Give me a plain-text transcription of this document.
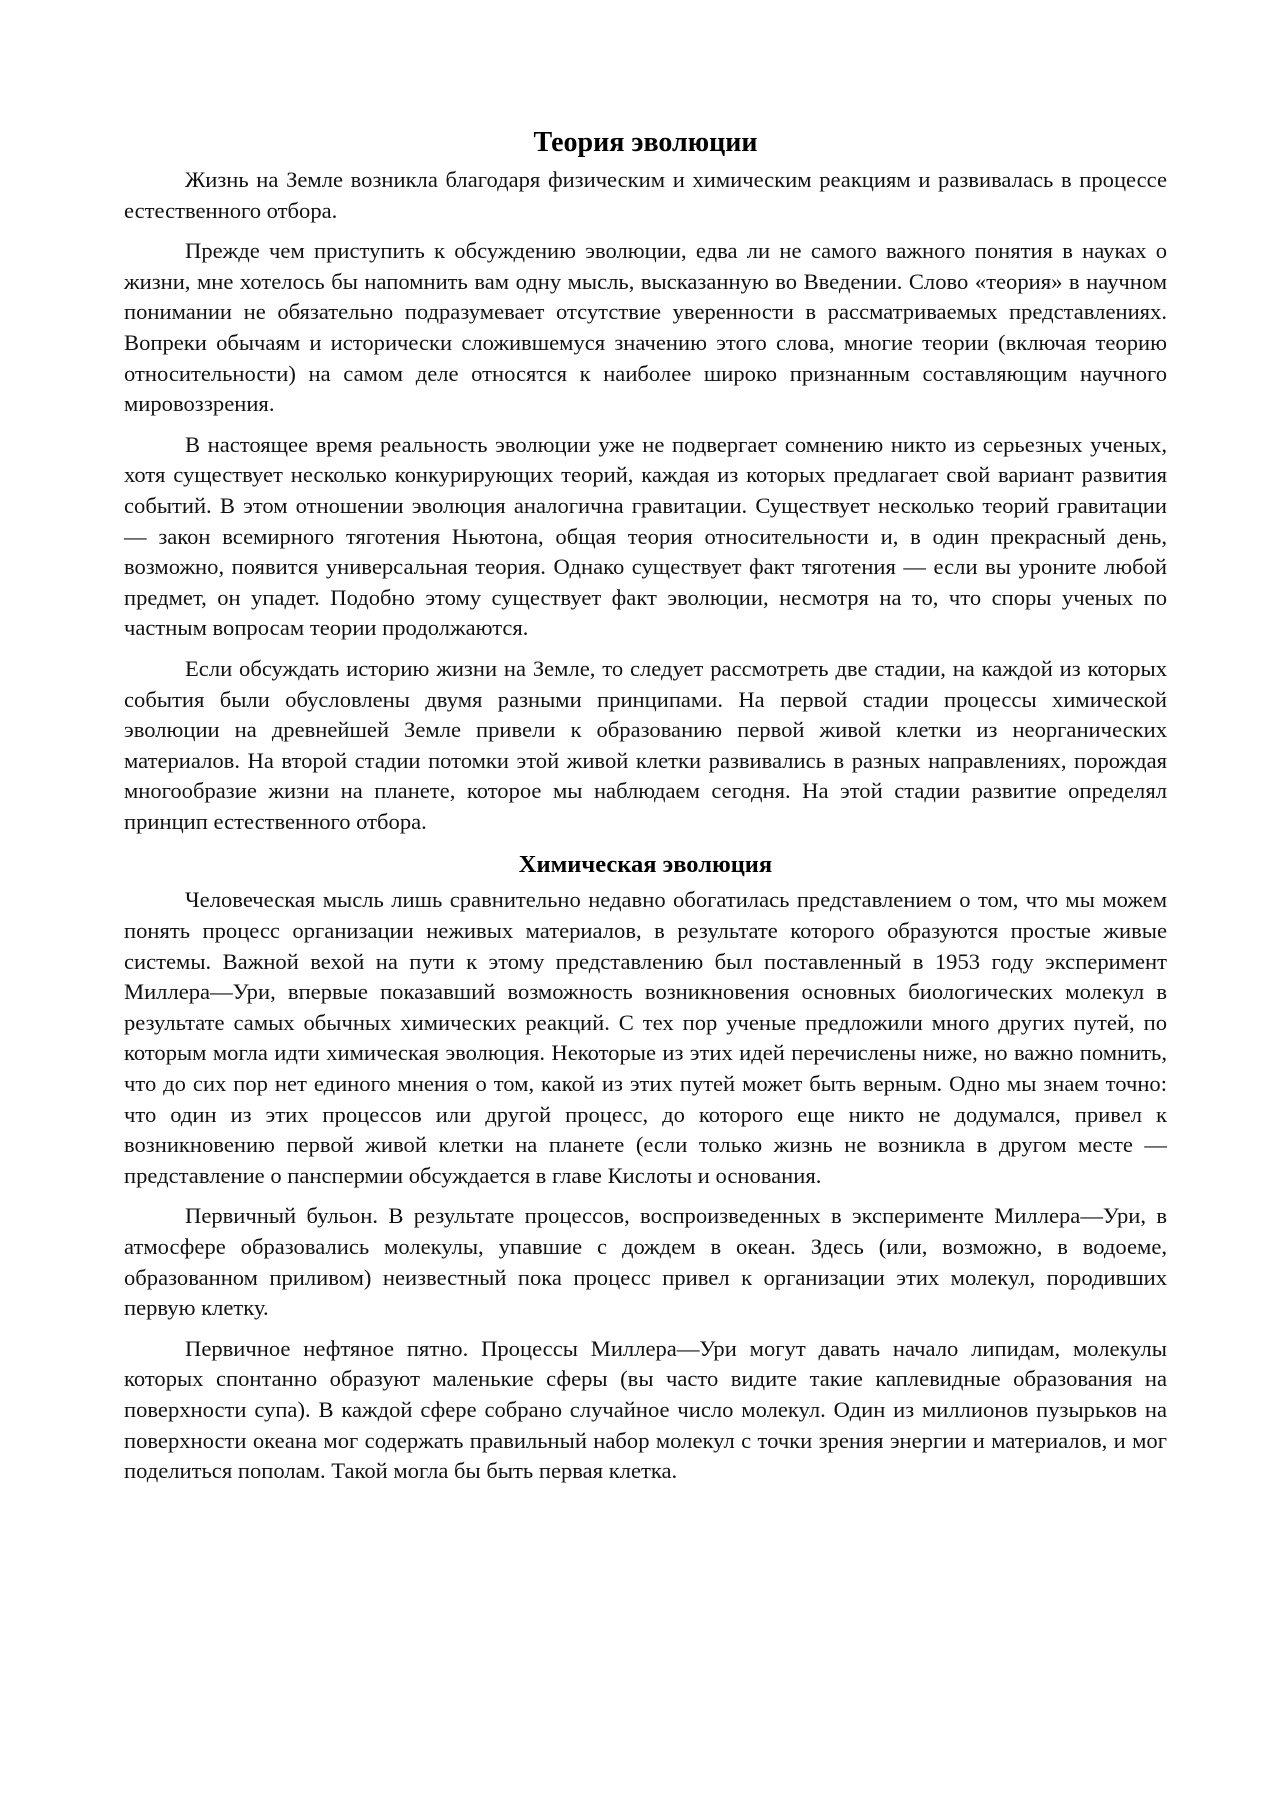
Теория эволюции

Жизнь на Земле возникла благодаря физическим и химическим реакциям и развивалась в процессе естественного отбора.

Прежде чем приступить к обсуждению эволюции, едва ли не самого важного понятия в науках о жизни, мне хотелось бы напомнить вам одну мысль, высказанную во Введении. Слово «теория» в научном понимании не обязательно подразумевает отсутствие уверенности в рассматриваемых представлениях. Вопреки обычаям и исторически сложившемуся значению этого слова, многие теории (включая теорию относительности) на самом деле относятся к наиболее широко признанным составляющим научного мировоззрения.

В настоящее время реальность эволюции уже не подвергает сомнению никто из серьезных ученых, хотя существует несколько конкурирующих теорий, каждая из которых предлагает свой вариант развития событий. В этом отношении эволюция аналогична гравитации. Существует несколько теорий гравитации — закон всемирного тяготения Ньютона, общая теория относительности и, в один прекрасный день, возможно, появится универсальная теория. Однако существует факт тяготения — если вы уроните любой предмет, он упадет. Подобно этому существует факт эволюции, несмотря на то, что споры ученых по частным вопросам теории продолжаются.

Если обсуждать историю жизни на Земле, то следует рассмотреть две стадии, на каждой из которых события были обусловлены двумя разными принципами. На первой стадии процессы химической эволюции на древнейшей Земле привели к образованию первой живой клетки из неорганических материалов. На второй стадии потомки этой живой клетки развивались в разных направлениях, порождая многообразие жизни на планете, которое мы наблюдаем сегодня. На этой стадии развитие определял принцип естественного отбора.

Химическая эволюция

Человеческая мысль лишь сравнительно недавно обогатилась представлением о том, что мы можем понять процесс организации неживых материалов, в результате которого образуются простые живые системы. Важной вехой на пути к этому представлению был поставленный в 1953 году эксперимент Миллера—Ури, впервые показавший возможность возникновения основных биологических молекул в результате самых обычных химических реакций. С тех пор ученые предложили много других путей, по которым могла идти химическая эволюция. Некоторые из этих идей перечислены ниже, но важно помнить, что до сих пор нет единого мнения о том, какой из этих путей может быть верным. Одно мы знаем точно: что один из этих процессов или другой процесс, до которого еще никто не додумался, привел к возникновению первой живой клетки на планете (если только жизнь не возникла в другом месте — представление о панспермии обсуждается в главе Кислоты и основания.

Первичный бульон. В результате процессов, воспроизведенных в эксперименте Миллера—Ури, в атмосфере образовались молекулы, упавшие с дождем в океан. Здесь (или, возможно, в водоеме, образованном приливом) неизвестный пока процесс привел к организации этих молекул, породивших первую клетку.

Первичное нефтяное пятно. Процессы Миллера—Ури могут давать начало липидам, молекулы которых спонтанно образуют маленькие сферы (вы часто видите такие каплевидные образования на поверхности супа). В каждой сфере собрано случайное число молекул. Один из миллионов пузырьков на поверхности океана мог содержать правильный набор молекул с точки зрения энергии и материалов, и мог поделиться пополам. Такой могла бы быть первая клетка.
